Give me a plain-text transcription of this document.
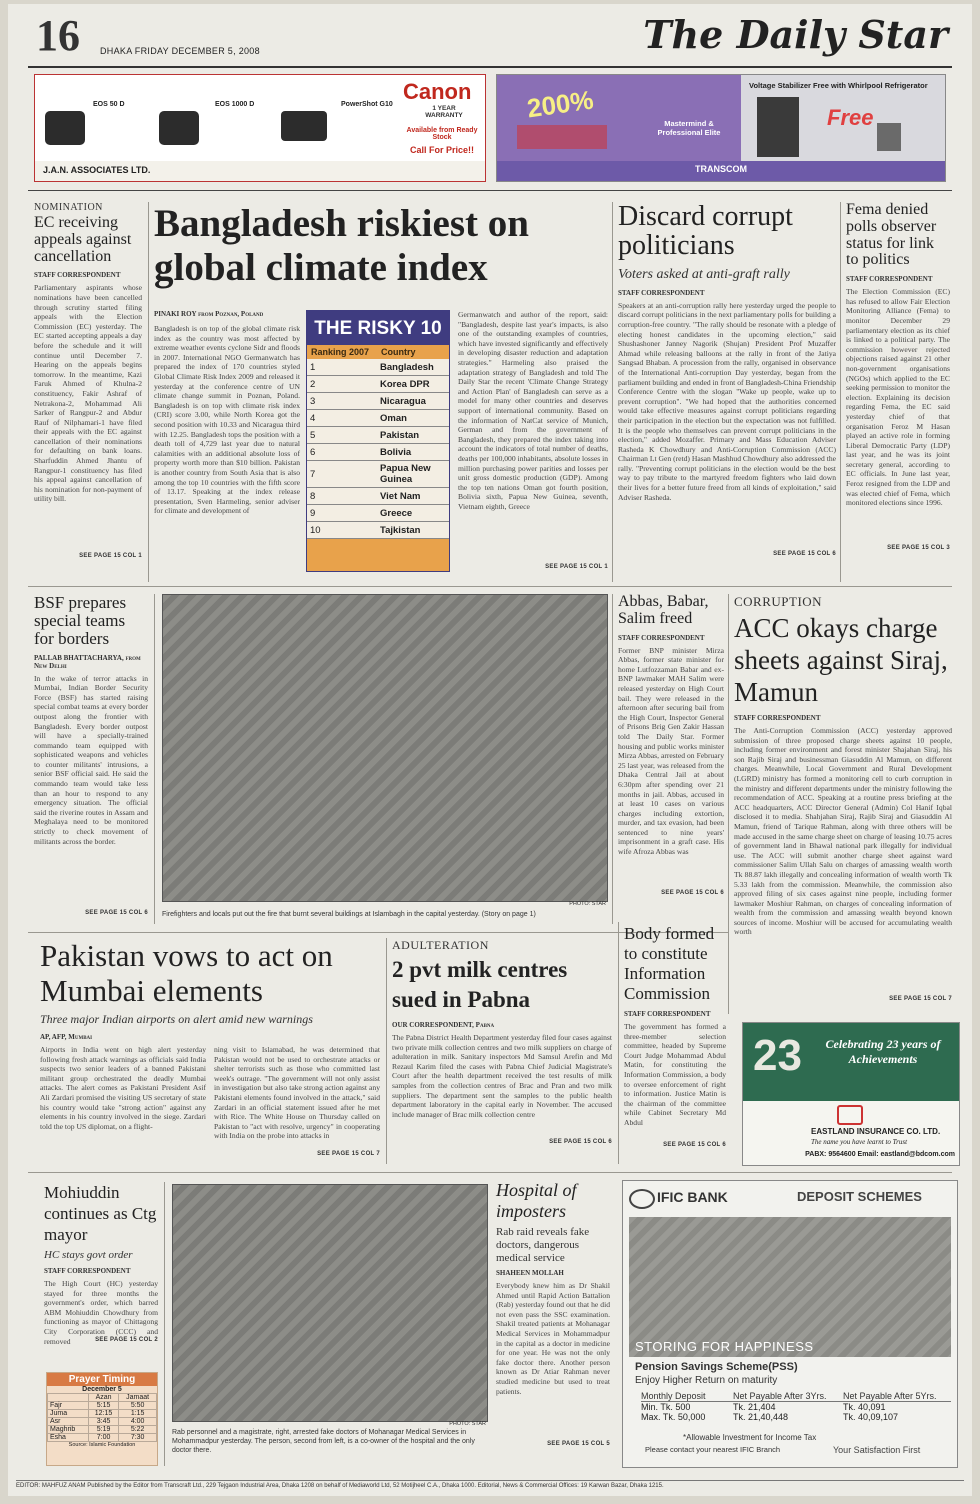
16 DHAKA FRIDAY DECEMBER 5, 2008	The Daily Star
EOS 50 D	EOS 1000 D	PowerShot G10
Canon
1 YEAR WARRANTY
Available from Ready Stock
Call For Price!!
J.A.N. ASSOCIATES LTD.
200%
Mastermind & Professional Elite
Voltage Stabilizer Free with Whirlpool Refrigerator
Free
TRANSCOM
NOMINATION
EC receiving appeals against cancellation
STAFF CORRESPONDENT
Parliamentary aspirants whose nominations have been cancelled through scrutiny started filing appeals with the Election Commission (EC) yesterday. The EC started accepting appeals a day before the schedule and it will continue until December 7. Hearing on the appeals begins tomorrow. In the meantime, Kazi Faruk Ahmed of Khulna-2 constituency, Fakir Ashraf of Netrakona-2, Mohammad Ali Sarker of Rangpur-2 and Abdur Rauf of Nilphamari-1 have filed their appeals with the EC against cancellation of their nominations for defaulting on bank loans. Sharfuddin Ahmed Jhantu of Rangpur-1 constituency has filed his appeal against cancellation of his nomination for non-payment of utility bill.
SEE PAGE 15 COL 1
Bangladesh riskiest on global climate index
PINAKI ROY from Poznan, Poland
Bangladesh is on top of the global climate risk index as the country was most affected by extreme weather events cyclone Sidr and floods in 2007. International NGO Germanwatch has prepared the index of 170 countries styled Global Climate Risk Index 2009 and released it yesterday at the conference centre of UN climate change summit in Poznan, Poland. Bangladesh is on top with climate risk index (CRI) score 3.00, while North Korea got the second position with 10.33 and Nicaragua third with 12.25. Bangladesh tops the position with a death toll of 4,729 last year due to natural calamities with an additional absolute loss of property worth more than $10 billion. Pakistan is another country from South Asia that is also among the top 10 countries with the fifth score of 13.17. Speaking at the index release presentation, Sven Harmeling, senior adviser for climate and development of
THE RISKY 10
Ranking 2007	Country
1	Bangladesh
2	Korea DPR
3	Nicaragua
4	Oman
5	Pakistan
6	Bolivia
7	Papua New Guinea
8	Viet Nam
9	Greece
10	Tajkistan
Germanwatch and author of the report, said: "Bangladesh, despite last year's impacts, is also one of the outstanding examples of countries, which have invested significantly and effectively in developing disaster reduction and adaptation strategies." Harmeling also praised the adaptation strategy of Bangladesh and told The Daily Star the recent 'Climate Change Strategy and Action Plan' of Bangladesh can serve as a model for many other countries and deserves support of international community. Based on the information of NatCat service of Munich, German and from the government of Bangladesh, they prepared the index taking into account the indicators of total number of deaths, deaths per 100,000 inhabitants, absolute losses in million purchasing power parities and losses per unit gross domestic production (GDP). Among the top ten nations Oman got fourth position, Bolivia sixth, Papua New Guinea, seventh, Vietnam eighth, Greece
SEE PAGE 15 COL 1
Discard corrupt politicians
Voters asked at anti-graft rally
STAFF CORRESPONDENT
Speakers at an anti-corruption rally here yesterday urged the people to discard corrupt politicians in the next parliamentary polls for building a corruption-free country. "The rally should be resonate with a pledge of electing honest candidates in the upcoming election," said Shushashoner Janney Nagorik (Shujan) President Prof Muzaffer Ahmad while releasing balloons at the rally in front of the Jatiya Sangsad Bhaban. A procession from the rally, organised in observance of the International Anti-corruption Day yesterday, began from the parliament building and ended in front of Bangladesh-China Friendship Conference Centre with the slogan "Wake up people, wake up to prevent corruption". "We had hoped that the authorities concerned would take effective measures against corrupt politicians regarding their participation in the election but the expectation was not fulfilled. It is the people who themselves can prevent corrupt politicians in the election," added Mozaffer. Primary and Mass Education Adviser Rasheda K Chowdhury and Anti-Corruption Commission (ACC) Chairman Lt Gen (retd) Hasan Mashhud Chowdhury also addressed the rally. "Preventing corrupt politicians in the election would be the best way to pay tribute to the martyred freedom fighters who laid down their lives for a better future freed from all kinds of exploitation," said Adviser Rasheda.
SEE PAGE 15 COL 6
Fema denied polls observer status for link to politics
STAFF CORRESPONDENT
The Election Commission (EC) has refused to allow Fair Election Monitoring Alliance (Fema) to monitor December 29 parliamentary election as its chief is linked to a political party. The commission however rejected objections raised against 21 other non-government organisations (NGOs) which applied to the EC seeking permission to monitor the election. Explaining its decision regarding Fema, the EC said yesterday chief of that organisation Feroz M Hasan played an active role in forming Liberal Democratic Party (LDP) last year, and he was its joint secretary general, according to EC officials. In June last year, Feroz resigned from the LDP and was elected chief of Fema, which monitored elections since 1996.
SEE PAGE 15 COL 3
BSF prepares special teams for borders
PALLAB BHATTACHARYA, from New Delhi
In the wake of terror attacks in Mumbai, Indian Border Security Force (BSF) has started raising special combat teams at every border outpost along the frontier with Bangladesh. Every border outpost will have a specially-trained commando team equipped with sophisticated weapons and vehicles to counter militants' intrusions, a senior BSF official said. He said the commando team would take less than an hour to respond to any emergency situation. The official said the riverine routes in Assam and Meghalaya need to be monitored strictly to check movement of militants across the border.
SEE PAGE 15 COL 6
PHOTO: STAR
Firefighters and locals put out the fire that burnt several buildings at Islambagh in the capital yesterday. (Story on page 1)
Abbas, Babar, Salim freed
STAFF CORRESPONDENT
Former BNP minister Mirza Abbas, former state minister for home Lutfozzaman Babar and ex-BNP lawmaker MAH Salim were released yesterday on High Court bail. They were released in the afternoon after securing bail from the High Court, Inspector General of Prisons Brig Gen Zakir Hassan told The Daily Star. Former housing and public works minister Mirza Abbas, arrested on February 25 last year, was released from the Dhaka Central Jail at about 6:30pm after spending over 21 months in jail. Abbas, accused in at least 10 cases on various charges including extortion, murder, and tax evasion, had been sentenced to nine years' imprisonment in a graft case. His wife Afroza Abbas was
SEE PAGE 15 COL 6
CORRUPTION
ACC okays charge sheets against Siraj, Mamun
STAFF CORRESPONDENT
The Anti-Corruption Commission (ACC) yesterday approved submission of three proposed charge sheets against 10 people, including former environment and forest minister Shajahan Siraj, his son Rajib Siraj and businessman Giasuddin Al Mamun, on different charges. Meanwhile, Local Government and Rural Development (LGRD) ministry has formed a monitoring cell to curb corruption in the ministry and different departments under the ministry following the recommendation of ACC. Speaking at a routine press briefing at the ACC headquarters, ACC Director General (Admin) Col Hanif Iqbal disclosed it to media. Shahjahan Siraj, Rajib Siraj and Giasuddin Al Mamun, friend of Tarique Rahman, along with three others will be made accused in the same charge sheet on charge of leasing 10.75 acres of government land in Bhawal national park illegally for individual use. The ACC will submit another charge sheet against ward commissioner Salim Ullah Salu on charges of amassing wealth worth Tk 88.87 lakh illegally and concealing information of wealth worth Tk 5.33 lakh from the commission. Meanwhile, the commission also approved filing of six cases against nine people, including former lawmaker Moshiur Rahman, on charges of concealing information of wealth from the commission and amassing wealth beyond known sources of income. Moshiur will be accused for accumulating wealth worth
SEE PAGE 15 COL 7
Pakistan vows to act on Mumbai elements
Three major Indian airports on alert amid new warnings
AP, AFP, Mumbai
Airports in India went on high alert yesterday following fresh attack warnings as officials said India suspects two senior leaders of a banned Pakistani militant group orchestrated the deadly Mumbai attacks. The alert comes as Pakistani President Asif Ali Zardari promised the visiting US secretary of state his country would take "strong action" against any elements in his country involved in the siege. Zardari told the top US diplomat, on a flight-
ning visit to Islamabad, he was determined that Pakistan would not be used to orchestrate attacks or shelter terrorists such as those who committed last week's outrage. "The government will not only assist in investigation but also take strong action against any Pakistani elements found involved in the attack," said Zardari in an official statement issued after he met with Rice. The White House on Thursday called on Pakistan to "act with resolve, urgency" in cooperating with India on the probe into attacks in
SEE PAGE 15 COL 7
ADULTERATION
2 pvt milk centres sued in Pabna
OUR CORRESPONDENT, Pabna
The Pabna District Health Department yesterday filed four cases against two private milk collection centres and two milk suppliers on charge of adulteration in milk. Sanitary inspectors Md Samsul Arefin and Md Rezaul Karim filed the cases with Pabna Chief Judicial Magistrate's Court after the health department received the test results of milk samples from the collection centres of Brac and Pran and two milk suppliers. The department sent the samples to the public health department laboratory in the capital early in November. The accused include manager of Brac milk collection centre
SEE PAGE 15 COL 6
Body formed to constitute Information Commission
STAFF CORRESPONDENT
The government has formed a three-member selection committee, headed by Supreme Court Judge Mohammad Abdul Matin, for constituting the Information Commission, a body to oversee enforcement of right to information. Justice Matin is the chairman of the committee while Cabinet Secretary Md Abdul
SEE PAGE 15 COL 6
23	Celebrating 23 years of Achievements
EASTLAND INSURANCE CO. LTD.
The name you have learnt to Trust
PABX: 9564600 Email: eastland@bdcom.com
Mohiuddin continues as Ctg mayor
HC stays govt order
STAFF CORRESPONDENT
The High Court (HC) yesterday stayed for three months the government's order, which barred ABM Mohiuddin Chowdhury from functioning as mayor of Chittagong City Corporation (CCC) and removed	SEE PAGE 15 COL 2
Prayer Timing
December 5
	Azan	Jamaat
Fajr	5:15	5:50
Juma	12:15	1:15
Asr	3:45	4:00
Maghrib	5:19	5:22
Esha	7:00	7:30
Source: Islamic Foundation
PHOTO: STAR
Rab personnel and a magistrate, right, arrested fake doctors of Mohanagar Medical Services in Mohammadpur yesterday. The person, second from left, is a co-owner of the hospital and the only doctor there.
Hospital of imposters
Rab raid reveals fake doctors, dangerous medical service
SHAHEEN MOLLAH
Everybody knew him as Dr Shakil Ahmed until Rapid Action Battalion (Rab) yesterday found out that he did not even pass the SSC examination. Shakil treated patients at Mohanagar Medical Services in Mohammadpur in the capital as a doctor in medicine for one year. He was not the only fake doctor there. Another person known as Dr Atiar Rahman never studied medicine but used to treat patients.
SEE PAGE 15 COL 5
IFIC BANK	DEPOSIT SCHEMES
STORING FOR HAPPINESS
Pension Savings Scheme(PSS)
Enjoy Higher Return on maturity
Monthly Deposit	Net Payable After 3Yrs.	Net Payable After 5Yrs.
Min. Tk. 500	Tk. 21,404	Tk. 40,091
Max. Tk. 50,000	Tk. 21,40,448	Tk. 40,09,107
*Allowable Investment for Income Tax
Please contact your nearest IFIC Branch	Your Satisfaction First
EDITOR: MAHFUZ ANAM Published by the Editor from Transcraft Ltd., 229 Tejgaon Industrial Area, Dhaka 1208 on behalf of Mediaworld Ltd, 52 Motijheel C.A., Dhaka 1000. Editorial, News & Commercial Offices: 19 Karwan Bazar, Dhaka 1215.
